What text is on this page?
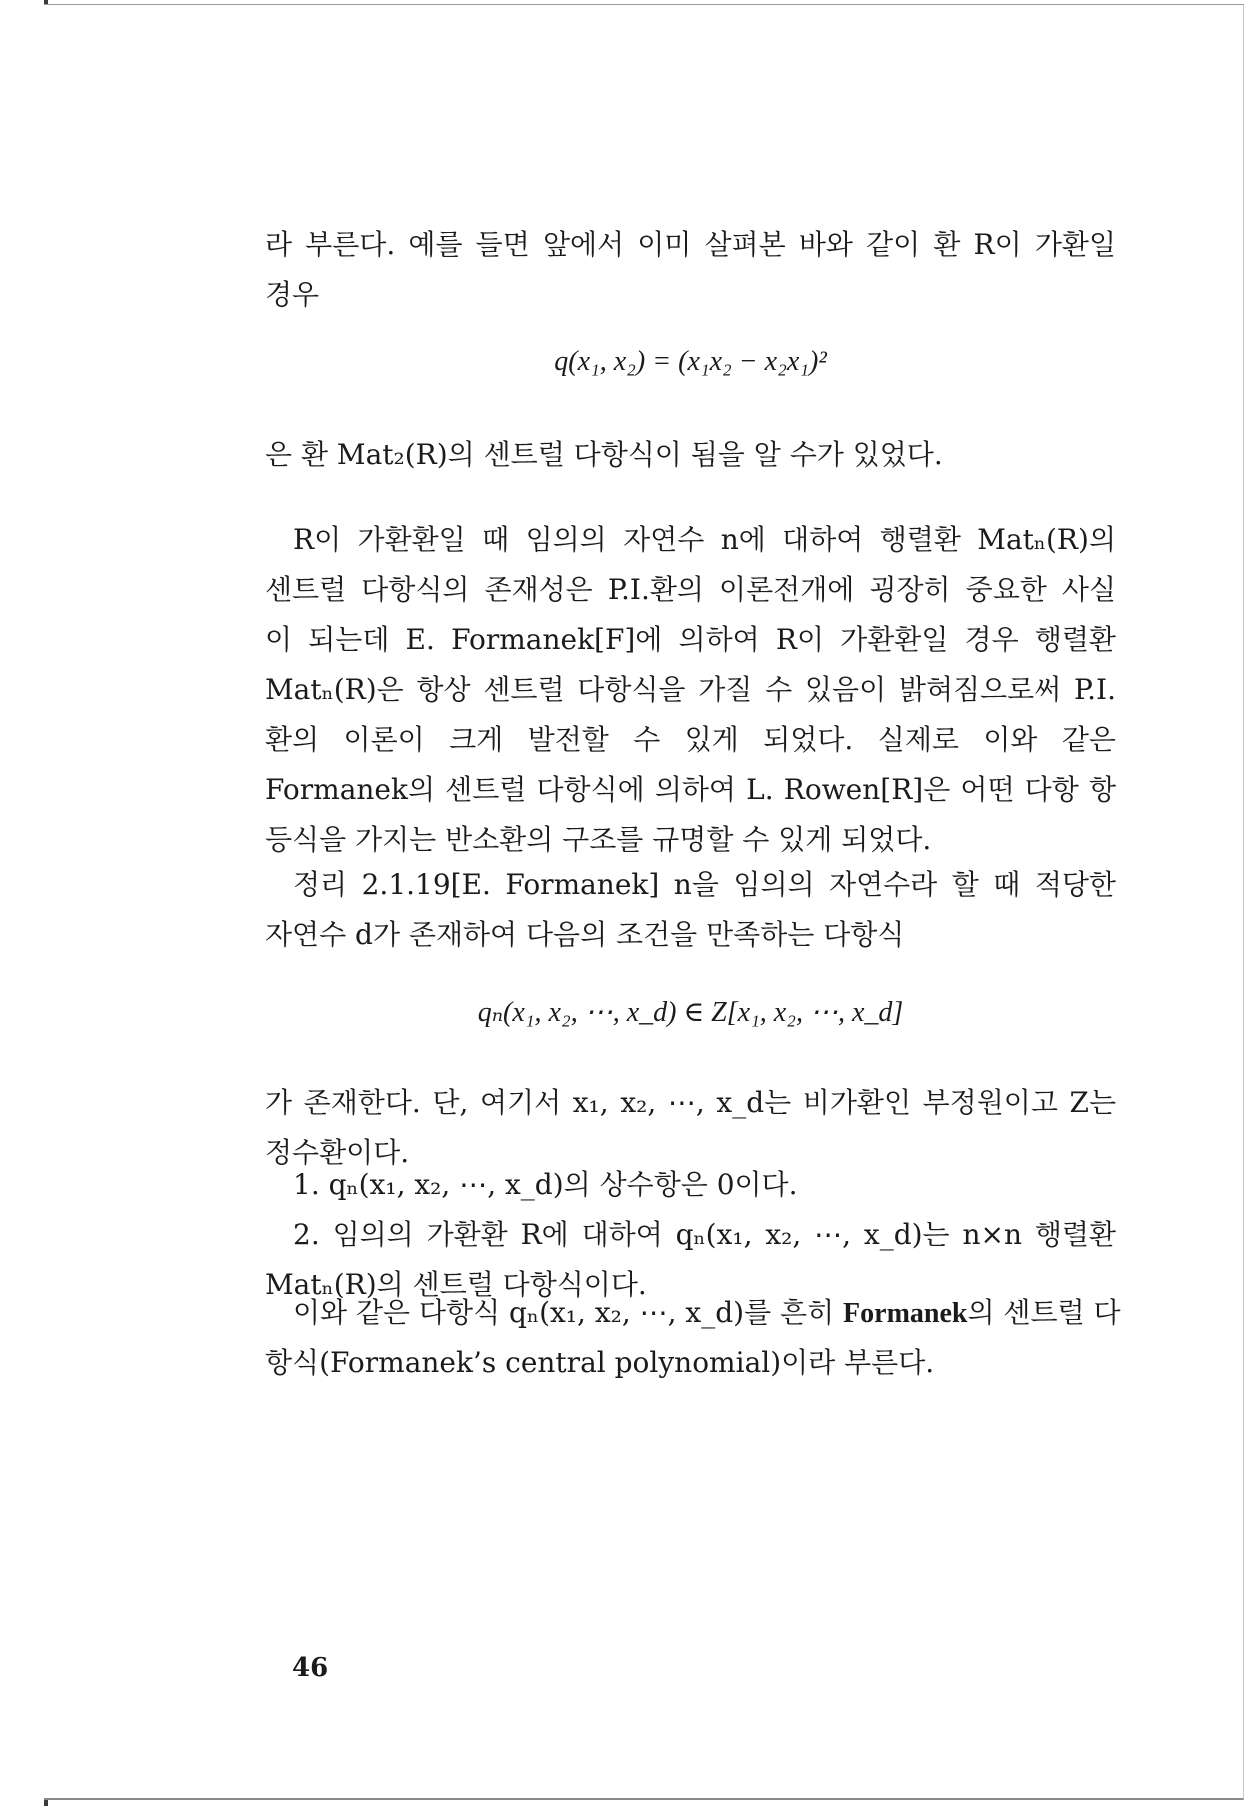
라 부른다. 예를 들면 앞에서 이미 살펴본 바와 같이 환 R이 가환일
경우
q(x₁, x₂) = (x₁x₂ − x₂x₁)²
은 환 Mat₂(R)의 센트럴 다항식이 됨을 알 수가 있었다.
R이 가환환일 때 임의의 자연수 n에 대하여 행렬환 Matₙ(R)의
센트럴 다항식의 존재성은 P.I.환의 이론전개에 굉장히 중요한 사실
이 되는데 E. Formanek[F]에 의하여 R이 가환환일 경우 행렬환
Matₙ(R)은 항상 센트럴 다항식을 가질 수 있음이 밝혀짐으로써 P.I.
환의 이론이 크게 발전할 수 있게 되었다. 실제로 이와 같은
Formanek의 센트럴 다항식에 의하여 L. Rowen[R]은 어떤 다항 항
등식을 가지는 반소환의 구조를 규명할 수 있게 되었다.
정리 2.1.19[E. Formanek] n을 임의의 자연수라 할 때 적당한
자연수 d가 존재하여 다음의 조건을 만족하는 다항식
qₙ(x₁, x₂, ⋯, x_d) ∈ Z[x₁, x₂, ⋯, x_d]
가 존재한다. 단, 여기서 x₁, x₂, ⋯, x_d는 비가환인 부정원이고 Z는
정수환이다.
1. qₙ(x₁, x₂, ⋯, x_d)의 상수항은 0이다.
2. 임의의 가환환 R에 대하여 qₙ(x₁, x₂, ⋯, x_d)는 n×n 행렬환
Matₙ(R)의 센트럴 다항식이다.
이와 같은 다항식 qₙ(x₁, x₂, ⋯, x_d)를 흔히 Formanek의 센트럴 다
항식(Formanek’s central polynomial)이라 부른다.
46
